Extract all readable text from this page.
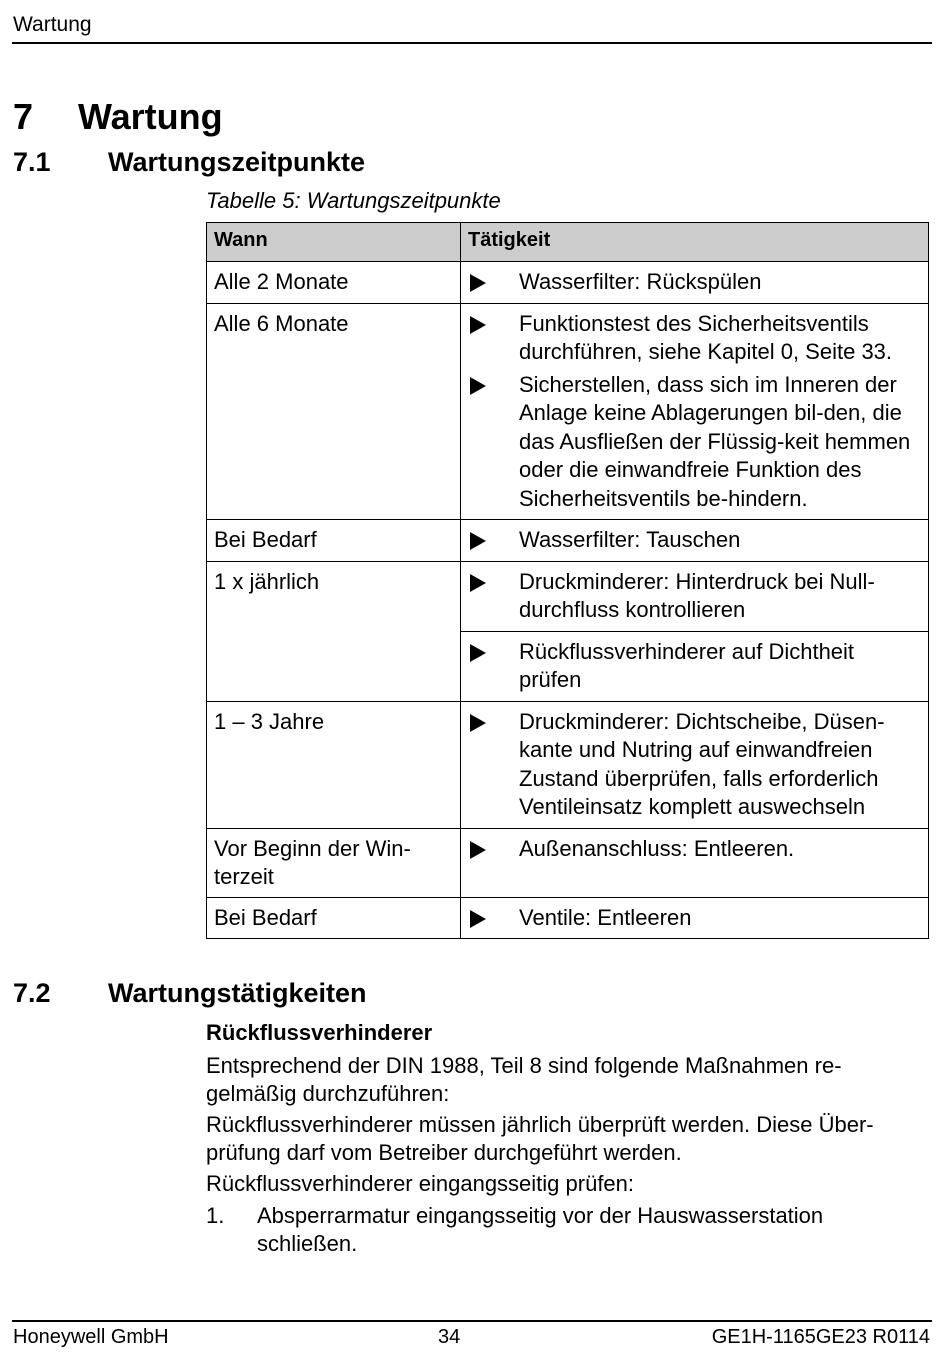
Wartung
7 Wartung
7.1 Wartungszeitpunkte
Tabelle 5: Wartungszeitpunkte
Wann	Tätigkeit
Alle 2 Monate	Wasserfilter: Rückspülen

Alle 6 Monate	Funktionstest des Sicherheitsventils durchführen, siehe Kapitel 0, Seite 33.
Sicherstellen, dass sich im Inneren der Anlage keine Ablagerungen bil-den, die das Ausfließen der Flüssig-keit hemmen oder die einwandfreie Funktion des Sicherheitsventils be-hindern.

Bei Bedarf	Wasserfilter: Tauschen

1 x jährlich	Druckminderer: Hinterdruck bei Null-durchfluss kontrollieren

	Rückflussverhinderer auf Dichtheit prüfen

1 – 3 Jahre	Druckminderer: Dichtscheibe, Düsen-kante und Nutring auf einwandfreien Zustand überprüfen, falls erforderlich Ventileinsatz komplett auswechseln

Vor Beginn der Win-terzeit	Außenanschluss: Entleeren.

Bei Bedarf	Ventile: Entleeren
7.2 Wartungstätigkeiten
Rückflussverhinderer
Entsprechend der DIN 1988, Teil 8 sind folgende Maßnahmen re-gelmäßig durchzuführen:
Rückflussverhinderer müssen jährlich überprüft werden. Diese Über-prüfung darf vom Betreiber durchgeführt werden.
Rückflussverhinderer eingangsseitig prüfen:
1. Absperrarmatur eingangsseitig vor der Hauswasserstation schließen.
Honeywell GmbH	34	GE1H-1165GE23 R0114
